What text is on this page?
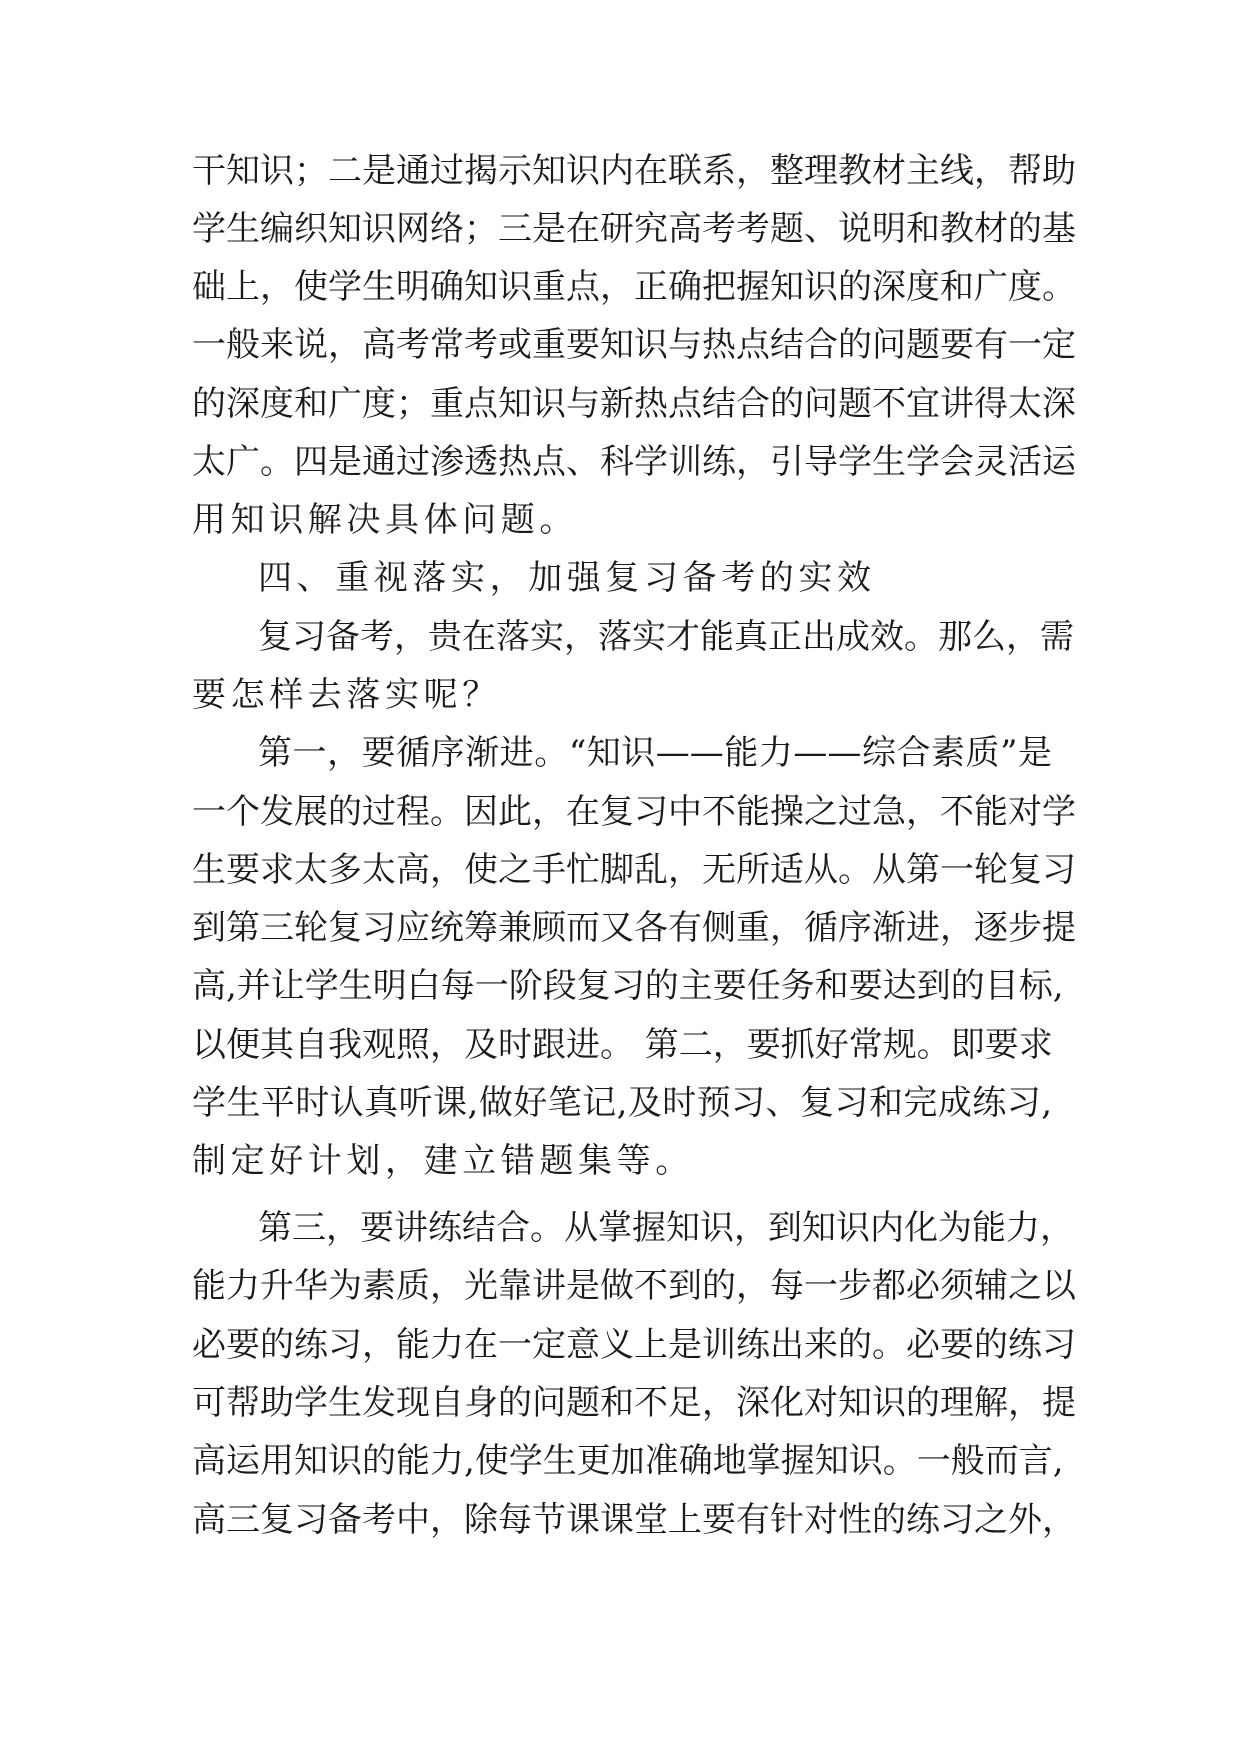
干知识；二是通过揭示知识内在联系，整理教材主线，帮助
学生编织知识网络；三是在研究高考考题、说明和教材的基
础上，使学生明确知识重点，正确把握知识的深度和广度。
一般来说，高考常考或重要知识与热点结合的问题要有一定
的深度和广度；重点知识与新热点结合的问题不宜讲得太深
太广。四是通过渗透热点、科学训练，引导学生学会灵活运
用知识解决具体问题。
四、重视落实，加强复习备考的实效
复习备考，贵在落实，落实才能真正出成效。那么，需
要怎样去落实呢？
第一，要循序渐进。“知识——能力——综合素质”是
一个发展的过程。因此，在复习中不能操之过急，不能对学
生要求太多太高，使之手忙脚乱，无所适从。从第一轮复习
到第三轮复习应统筹兼顾而又各有侧重，循序渐进，逐步提
高,并让学生明白每一阶段复习的主要任务和要达到的目标,
以便其自我观照，及时跟进。 第二，要抓好常规。即要求
学生平时认真听课,做好笔记,及时预习、复习和完成练习,
制定好计划，建立错题集等。
第三，要讲练结合。从掌握知识，到知识内化为能力，
能力升华为素质，光靠讲是做不到的，每一步都必须辅之以
必要的练习，能力在一定意义上是训练出来的。必要的练习
可帮助学生发现自身的问题和不足，深化对知识的理解，提
高运用知识的能力,使学生更加准确地掌握知识。一般而言,
高三复习备考中，除每节课课堂上要有针对性的练习之外，
